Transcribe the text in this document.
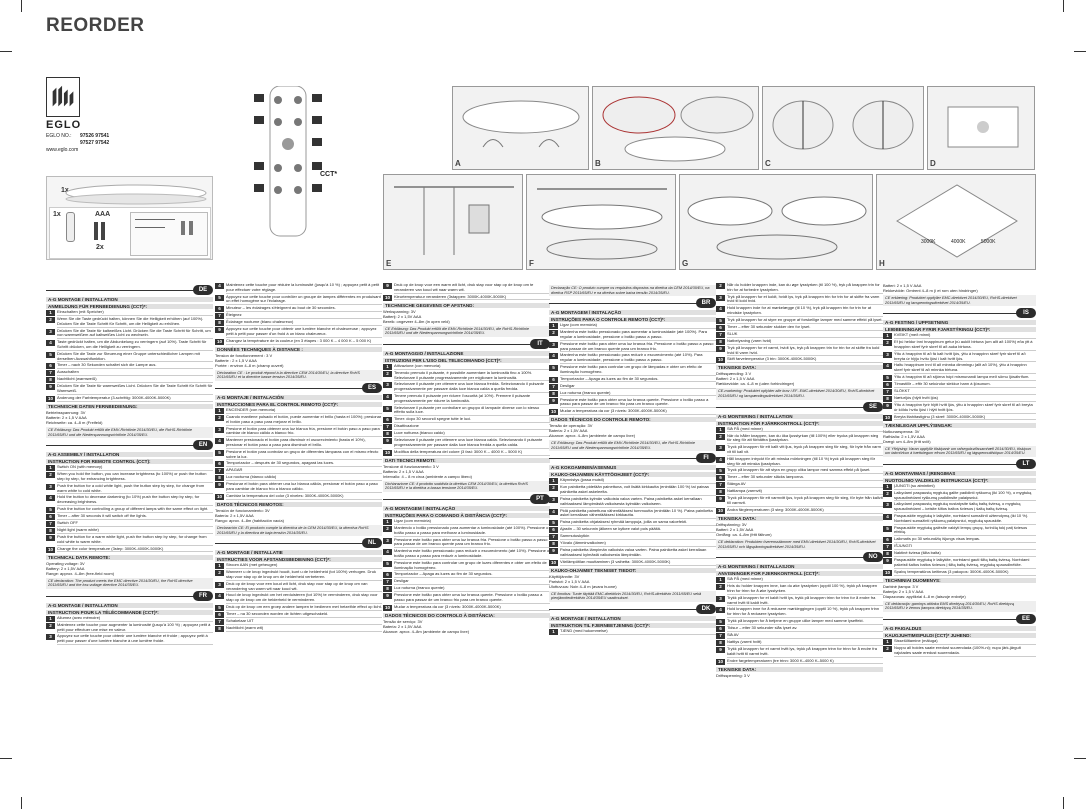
REORDER
EGLO
EGLO NO.: 97526 97541
97527 97542
www.eglo.com
1x
1x	AAA
2x
CCT*
A	B	C	D
E	F	G
3000K	4000K	5000K
H
DE
A-G MONTAGE / INSTALLATION
ANMELDUNG FÜR FERNBEDIENUNG (CCT)*:
1	Einschalten (mit Speicher)
2	Wenn Sie die Taste gedrückt halten, können Sie die Helligkeit erhöhen (auf 100%). Drücken Sie die Taste Schritt für Schritt, um die Helligkeit zu erhöhen.
3	Drücken Sie die Taste für kaltweißes Licht. Drücken Sie die Taste Schritt für Schritt, um von warmweißem auf kaltweißes Licht zu wechseln.
4	Taste gedrückt halten, um die Abdunkelung zu verringern (auf 10%). Taste Schritt für Schritt drücken, um die Helligkeit zu verringern.
5	Drücken Sie die Taste zur Steuerung einer Gruppe unterschiedlicher Lampen mit derselben Auswahlfunktion.
6	Timer – nach 30 Sekunden schaltet sich die Lampe aus.
7	Ausschalten
8	Nachtlicht (warmweiß)
9	Drücken Sie die Taste für warmweißes Licht. Drücken Sie die Taste Schritt für Schritt für Warmweiß.
10 Änderung der Farbtemperatur (3-schrittig: 3000K-4000K-5000K)
TECHNISCHE DATEN FERNBEDIENUNG:
Betriebsspannung: 3V
Batterie: 2 x 1,5 V AAA
Reichweite: ca. 4–8 m (Freifeld)
CE Erklärung: Das Produkt erfüllt die EMV-Richtlinie 2014/30/EU, die RoHS-Richtlinie 2011/65/EU und die Niederspannungsrichtlinie 2014/35/EU.
EN
A-G ASSEMBLY / INSTALLATION
INSTRUCTION FOR REMOTE CONTROL (CCT):
1	Switch ON (with memory)
2	When you hold the button, you can increase brightness (to 100%) or push the button step by step, for enhancing brightness.
3	Push the button for a cold white light, push the button step by step, for change from warm white to cold white.
4	Hold the button to decrease darkening (to 10%) push the button step by step, for decreasing brightness.
5	Push the button for controlling a group of different lamps with the same effect on light.
6	Timer – after 30 seconds it will switch off the lights.
7	Switch OFF
8	Night light (warm white)
9	Push the button for a warm white light, push the button step by step, for change from cold white to warm white.
10 Change the color temperature (3step: 3000K-4000K-5000K)
TECHNICAL DATA REMOTE:
Operating voltage: 3V
Battery: 2 x 1,5V AAA
Range: approx. 4–8m (free-field room)
CE declaration: The product meets the EMC directive 2014/30/EU, the RoHS directive 2011/65/EU and the low-voltage directive 2014/35/EU.
FR
A-G MONTAGE / INSTALLATION
INSTRUCTION POUR LA TÉLÉCOMMANDE (CCT)*:
1	Allumez (avec mémoire)
2	Maintenez cette touche pour augmenter la luminosité (jusqu'à 100 %) ; appuyez petit à petit pour effectuer une mise en valeur.
3	Appuyez sur cette touche pour obtenir une lumière blanche et froide ; appuyez petit à petit pour passer d'une lumière blanche à une lumière froide.
4	Maintenez cette touche pour réduire la luminosité (jusqu'à 10 %) ; appuyez petit à petit pour effectuer votre réglage.
5	Appuyez sur cette touche pour contrôler un groupe de lampes différentes en produisant un effet homogène sur l'éclairage.
6	Minuteur – les éclairages s'éteignent au bout de 30 secondes.
7	Éteignez
8	Éclairage nocturne (blanc chaleureux)
9	Appuyez sur cette touche pour obtenir une lumière blanche et chaleureuse ; appuyez petit à petit pour passer d'un froid à un blanc chaleureux.
10 Changez la température de la couleur (en 3 étapes : 3 000 K – 4 000 K – 5 000 K)
DONNÉES TECHNIQUES À DISTANCE :
Tension de fonctionnement : 3 V
Batterie : 2 x 1,5 V AAA
Portée : environ 4–8 m (champ ouvert)
Déclaration CE : Le produit répond à la directive CEM 2014/30/EU, la directive RoHS 2011/65/EU et la directive basse tension 2014/35/EU.
ES
A-G MONTAJE / INSTALACIÓN
INSTRUCCIONES PARA EL CONTROL REMOTO (CCT)*:
1	ENCENDER (con memoria)
2	Cuando mantiene pulsado el botón, puede aumentar el brillo (hasta el 100%); presionar el botón paso a paso para mejorar el brillo.
3	Presione el botón para obtener una luz blanca fría, presione el botón paso a paso para cambiar de blanco cálido a blanco frío.
4	Mantener presionado el botón para disminuir el oscurecimiento (hasta el 10%), presionar el botón paso a paso para disminuir el brillo.
5	Presione el botón para controlar un grupo de diferentes lámparas con el mismo efecto sobre la luz.
6	Temporizador – después de 30 segundos, apagará las luces.
7	APAGAR
8	Luz nocturna (blanco cálido)
9	Presionar el botón para obtener una luz blanca cálida, presionar el botón paso a paso para cambiar de blanco frío a blanco cálido.
10 Cambiar la temperatura del color (3 niveles: 3000K-4000K-5000K)
DATOS TÉCNICOS REMOTOS:
Tensión de funcionamiento: 3V
Batería: 2 x 1,5V AAA
Rango: aprox. 4–8m (habitación vacía)
Declaración CE: El producto cumple la directiva de la CEM 2014/30/EU, la directiva RoHS 2011/65/EU y la directiva de baja tensión 2014/35/EU.
NL
A-G MONTAGE / INSTALLATIE
INSTRUCTIES VOOR AFSTANDSBEDIENING (CCT)*:
1	Stroom AAN (met geheugen)
2	Wanneer u de knop ingedrukt houdt, kunt u de helderheid (tot 100%) verhogen. Druk stap voor stap op de knop om de helderheid verbeteren.
3	Druk op de knop voor een koud wit licht, druk stap voor stap op de knop om van verandering van warm wit naar koud wit.
4	Houd de knop ingedrukt om het verduisteren (tot 10%) te verminderen, druk stap voor stap op de knop om de helderheid te verminderen.
5	Druk op de knop om een groep andere lampen te bedienen met hetzelfde effect op licht.
6	Timer – na 30 seconden worden de lichten uitgeschakeld.
7	Schakelaar UIT
8	Nachtlicht (warm wit)
9	Druk op de knop voor een warm wit licht, druk stap voor stap op de knop om te veranderen van koud wit naar warm wit.
10 Kleurtemperatuur veranderen (3stappen: 3000K-4000K-5000K)
TECHNISCHE GEGEVENS OP AFSTAND:
Werkspanning: 3V
Batterij: 2 x 1,5V AAA
Bereik: ongeveer 4–8m (in open veld)
CE Erklärung: Das Produkt erfüllt die EMV-Richtlinie 2014/30/EU, die RoHS-Richtlinie 2011/65/EU und die Niederspannungsrichtlinie 2014/35/EU.
IT
A-G MONTAGGIO / INSTALLAZIONE
ISTRUZIONI PER L'USO DEL TELECOMANDO (CCT)*:
1	Attivazione (con memoria)
2	Tenendo premuto il pulsante, è possibile aumentare la luminosità fino a 100%. Selezionare il pulsante progressivamente per migliorare la luminosità.
3	Selezionare il pulsante per ottenere una luce bianca fredda. Selezionando il pulsante progressivamente per passare dalla luce bianca calda a quella fredda.
4	Tenere premuto il pulsante per ridurre l'oscurità (al 10%). Premere il pulsante progressivamente per ridurre la luminosità.
5	Selezionare il pulsante per controllare un gruppo di lampade diverse con lo stesso effetto sulla luce.
6	Timer: dopo 30 secondi spegne tutte le luci.
7	Disattivazione
8	Luce notturna (bianco caldo)
9	Selezionare il pulsante per ottenere una luce bianca calda. Selezionando il pulsante progressivamente per passare dalla luce bianca fredda a quella calda.
10 Modifica della temperatura del colore (3 fasi: 3000 K – 4000 K – 5000 K)
DATI TECNICI REMOTI:
Tensione di funzionamento: 3 V
Batteria: 2 x 1,5 V AAA
Intervallo: 4 – 8 m circa (ambiente a campo libero)
Dichiarazione CE: il prodotto soddisfa la direttiva CEM 2014/30/EU, la direttiva RoHS 2011/65/EU e la direttiva a bassa tensione 2014/35/EU.
PT
A-G MONTAGEM / INSTALAÇÃO
INSTRUÇÕES PARA O COMANDO À DISTÂNCIA (CCT)*:
1	Ligar (com memória)
2	Mantendo o botão pressionado para aumentar a luminosidade (até 100%). Pressione o botão passo a passo para melhorar a luminosidade.
3	Pressione este botão para obter uma luz branca fria. Pressione o botão passo a passo para passar de um branco quente para um branco frio.
4	Mantenha este botão pressionado para reduzir o escurecimento (até 10%). Pressione o botão passo a passo para reduzir a luminosidade.
5	Pressione este botão para controlar um grupo de luzes diferentes e obter um efeito de iluminação homogéneo.
6	Temporizador – Apaga as luzes ao fim de 30 segundos.
7	Desligar
8	Luz noturna (branco quente)
9	Pressione este botão para obter uma luz branca quente. Pressione o botão passo a passo para passar de um branco frio para um branco quente.
10 Mudar a temperatura da cor (3 níveis: 3000K-4000K-5000K)
DADOS TÉCNICOS DO CONTROLO À DISTÂNCIA:
Tensão de serviço: 3V
Bateria: 2 x 1,5V AAA
Alcance: aprox. 4–8m (ambiente de campo livre)
Declaração CE: O produto cumpre os requisitos dispostos na diretiva da CEM 2014/30/EU, na diretiva RSP 2011/65/EU e na diretiva sobre baixa tensão 2014/35/EU.
BR
A-G MONTAGEM / INSTALAÇÃO
INSTRUÇÕES PARA O CONTROLE REMOTO (CCT)*:
1	Ligar (com memória)
2	Mantenha este botão pressionado para aumentar a luminosidade (até 100%). Para regular a luminosidade, pressione o botão passo a passo.
3	Pressione este botão para obter uma luz branca fria. Pressione o botão passo a passo para passar de um branco quente para um branco frio.
4	Mantenha este botão pressionado para reduzir o escurecimento (até 10%). Para regular a luminosidade, pressione o botão passo a passo.
5	Pressione este botão para controlar um grupo de lâmpadas e obter um efeito de iluminação homogêneo.
6	Temporizador – Apaga as luzes ao fim de 30 segundos.
7	Desligar
8	Luz noturna (branco quente)
9	Pressione este botão para obter uma luz branca quente. Pressione o botão passo a passo para passar de um branco frio para um branco quente.
10 Mudar a temperatura da cor (3 níveis: 3000K-4000K-5000K)
DADOS TÉCNICOS DO CONTROLE REMOTO:
Tensão de operação: 3V
Bateria: 2 x 1,5V AAA
Alcance: aprox. 4–8m (ambiente de campo livre)
CE Erklärung: Das Produkt erfüllt die EMV-Richtlinie 2014/30/EU, die RoHS-Richtlinie 2011/65/EU und die Niederspannungsrichtlinie 2014/35/EU.
FI
A-G KOKOAMINEN/ASENNUS
KAUKO-OHJAIMEN KÄYTTÖOHJEET (CCT)*:
1	Käynnistys (jossa muisti)
2	Kun painiketta pidetään painettuna, voit lisätä kirkkautta (enintään 100 %) tai painaa painiketta askel askeleelta.
3	Paina painiketta kylmän valkoista valoa varten. Paina painiketta askel kerrallaan vaihtaaksesi lämpimästä valkoisesta kylmään valkoiseen.
4	Pidä painiketta painettuna vähentääksesi tummuutta (enintään 10 %). Paina painiketta askel kerrallaan vähentääksesi kirkkautta.
5	Paina painiketta ohjataksesi ryhmää lamppuja, joilla on sama valoefekti.
6	Ajastin – 30 sekunnin jälkeen se kytkee valot pois päältä.
7	Sammutuskytkin
8	Yövalo (lämminvalkoinen)
9	Paina painiketta lämpimän valkoista valoa varten. Paina painiketta askel kerrallaan vaihtaaksesi kylmästä valkoisesta lämpimään.
10 Värilämpötilan muuttaminen (3 vaihetta: 3000K-4000K-5000K)
KAUKO-OHJAIMET TEKNISET TIEDOT:
Käyttöjännite: 3V
Paristot: 2 x 1,5 V AAA
Ulottuvuus: Noin 4–8 m (avara huone)
CE ilmoitus: Tuote täyttää EMC-direktiivin 2014/30/EU, RoHS-direktiivin 2011/65/EU sekä pienjännitedirektiivin 2014/35/EU vaatimukset.
DK
A-G MONTAGE / INSTALLATION
INSTRUKTION TIL FJERNBETJENING (CCT)*:
1	TÆND (med hukommelse)
2	Når du holder knappen inde, kan du øge lysstyrken (til 100 %), tryk på knappen trin for trin for at forbedre lysstyrken.
3	Tryk på knappen for et koldt, hvidt lys, tryk på knappen trin for trin for at skifte fra varm hvid til kold hvid.
4	Hold knappen inde for at mørkelægge (til 10 %), tryk på knappen trin for trin for at mindske lysstyrken.
5	Tryk på knappen for at styre en gruppe af forskellige lamper med samme effekt på lyset.
6	Timer – efter 30 sekunder slukker den for lyset.
7	SLUK
8	Natbelysning (varm hvid)
9	Tryk på knappen for et varmt, hvidt lys, tryk på knappen trin for trin for at skifte fra kold hvid til varm hvid.
10 Skift farvetemperatur (3 trin: 3000K-4000K-5000K)
TEKNISKE DATA:
Driftsspænding: 3 V
Batteri: 2 x 1,5 V AAA
Rækkevidde: ca. 4–8 m (uden forhindringer)
CE-markering: Produktet opfylder alle krav i EF- EMC-direktivet 2014/30/EU, RoHS-direktivet 2011/65/EU og lavspændingsdirektivet 2014/35/EU.
SE
A-G MONTERING / INSTALLATION
INSTRUKTION FÖR FJÄRRKONTROLL (CCT)*:
1	Slå PÅ (med minne)
2	När du håller knappen, kan du öka ljusstyrkan (till 100%) eller trycka på knappen steg för steg för att förbättra ljusstyrkan.
3	Tryck på knappen för ett kallt vitt ljus, tryck på knappen steg för steg, för byte från varm vit till kall vit.
4	Håll knappen intryckt för att minska mörkningen (till 10 %) tryck på knappen steg för steg för att minska ljusstyrkan.
5	Tryck på knappen för att styra en grupp olika lampor med samma effekt på ljuset.
6	Timer – efter 30 sekunder släcks lamporna.
7	Stänga AV
8	Nattlampa (varmvit)
9	Tryck på knappen för ett varmvitt ljus, tryck på knappen steg för steg, för byte från kallvit till varmvit.
10 Ändra färgtemperaturen (3 steg: 3000K-4000K-5000K)
TEKNISKA DATA:
Driftspänning: 3V
Batteri: 2 x 1,5V AAA
Omfång: ca. 4–8m (fritt fältrum)
CE deklaration: Produkten överensstämmer med EMV-direktivet 2014/30/EU, RoHS-direktivet 2011/65/EU och lågspänningsdirektivet 2014/35/EU.
NO
A-G MONTERING / INSTALLASJON
ANVISNINGER FOR FJERNKONTROLL (CCT)*:
1	Slå PÅ (med minne)
2	Hvis du holder knappen inne, kan du øke lysstyrken (opptil 100 %), trykk på knappen trinn for trinn for å øke lysstyrken.
3	Trykk på knappen for et kaldt hvitt lys, trykk på knappen trinn for trinn for å endre fra varmt hvitt til kaldt hvitt.
4	Hold knappen inne for å redusere mørkleggingen (opptil 10 %), trykk på knappen trinn for trinn for å redusere lysstyrken.
5	Trykk på knappen for å betjene en gruppe ulike lamper med samme lyseffekt.
6	Tidsur – etter 30 sekunder slås lyset av.
7	Slå AV
8	Nattlys (varmt hvitt)
9	Trykk på knappen for et varmt hvitt lys, trykk på knappen trinn for trinn for å endre fra kaldt hvitt til varmt hvitt.
10 Endre fargetemperaturen (tre trinn: 3000 K–4000 K–5000 K)
TEKNISKE DATA:
Driftsspenning: 3 V
Batteri: 2 x 1,5 V AAA
Rekkevidde: Omtrent 4–8 m (i et rom uten hindringer)
CE erklæring: Produktet oppfyller EMC-direktivet 2014/30/EU, RoHS-direktivet 2011/65/EU og lavspenningsdirektivet 2014/35/EU.
IS
A-G FESTING / UPPSETNING
LEIÐBEININGAR FYRIR FJARSTÝRINGU (CCT)*:
1	KVEIKT (með minni)
2	Ef þú heldur inni hnappinum getur þú aukið birtuna (um allt að 100%) eða ýtt á hnappinn skref fyrir skref til að auka birtuna.
3	Ýttu á hnappinn til að fá kalt hvítt ljós, ýttu á hnappinn skref fyrir skref til að breyta úr hlýju hvítu ljósi í kalt hvítt ljós.
4	Haltu hnappinum inni til að minnka dimmingu (allt að 10%), ýttu á hnappinn skref fyrir skref til að minnka birtuna.
5	Ýttu á hnappinn til að stjórna hópi mismunandi lampa með sömu ljósáhrifum.
6	Tímastillir – eftir 30 sekúndur slekkur hann á ljósunum.
7	SLÖKKT
8	Næturljós (hlýtt hvítt ljós)
9	Ýttu á hnappinn fyrir hlýtt hvítt ljós, ýttu á hnappinn skref fyrir skref til að breyta úr köldu hvítu ljósi í hlýtt hvítt ljós.
10 Breyta litahitastiginu (3 skref: 3000K-4000K-5000K)
TÆKNILEGAR UPPLÝSINGAR:
Notkunarspenna: 3V
Rafhlaða: 2 x 1,5V AAA
Drægi: um 4–8m (frítt svið)
CE Yfirlýsing: Varan uppfyllir tilskipanir um rafsegulsviðssamhæfi 2014/30/EU, tilskipun um takmörkun á hættulegum efnum 2011/65/EU og lágspennutilskipun 2014/35/EU.
LT
A-G MONTAVIMAS / ĮRENGIMAS
NUOTOLINIO VALDIKLIO INSTRUKCIJA (CCT)*:
1	ĮJUNGTI (su atmintimi)
2	Laikydami paspaustą mygtuką galite padidinti ryškumą (iki 100 %), o mygtuką spausdinėdami ryškumą padidinsite palaipsniui.
3	Laikydami paspaustą mygtuką nustatysite šaltą baltą šviesą, o mygtuką spausdinėdami – keisite šiltos baltos šviesos į šaltą baltą šviesą.
4	Paspauskite mygtuką ir laikykite, norėdami sumažinti užtemdymą (iki 10 %). Norėdami sumažinti ryškumą palaipsniui, mygtuką spauskite.
5	Paspauskite mygtuką galėsite valdyti lempų grupę, turinčią tokį patį šviesos efektą.
6	Laikmatis po 30 sekundžių išjungs visus lempas.
7	IŠJUNGTI
8	Naktinė šviesa (šilta balta)
9	Paspauskite mygtuką ir laikykite, norėdami gauti šiltą baltą šviesą. Norėdami pakeisti šaltos baltos šviesos į šiltą baltą šviesą, mygtuką spausdinėkite.
10 Spalvų temperatūros keitimas (3 pakopos: 3000K-4000K-5000K)
TECHNINIAI DUOMENYS:
Darbinė įtampa: 3 V
Baterija: 2 x 1,5 V AAA
Diapazonas: apytikriai 4–8 m (laisvoje erdvėje)
CE deklaracija: gaminys atitinka EMS direktyvą 2014/30/EU, RoHS direktyvą 2011/65/EU ir žemos įtampos direktyvą 2014/35/EU.
EE
A-G PAIGALDUS
KAUGJUHTIMISPULDI (CCT)* JUHEND:
1	Sisselülitamine (mäluga)
2	Nuppu all hoides saate eredust suurendada (100%-ni); nupu järk-järgult vajutades saate eredust suurendada.
